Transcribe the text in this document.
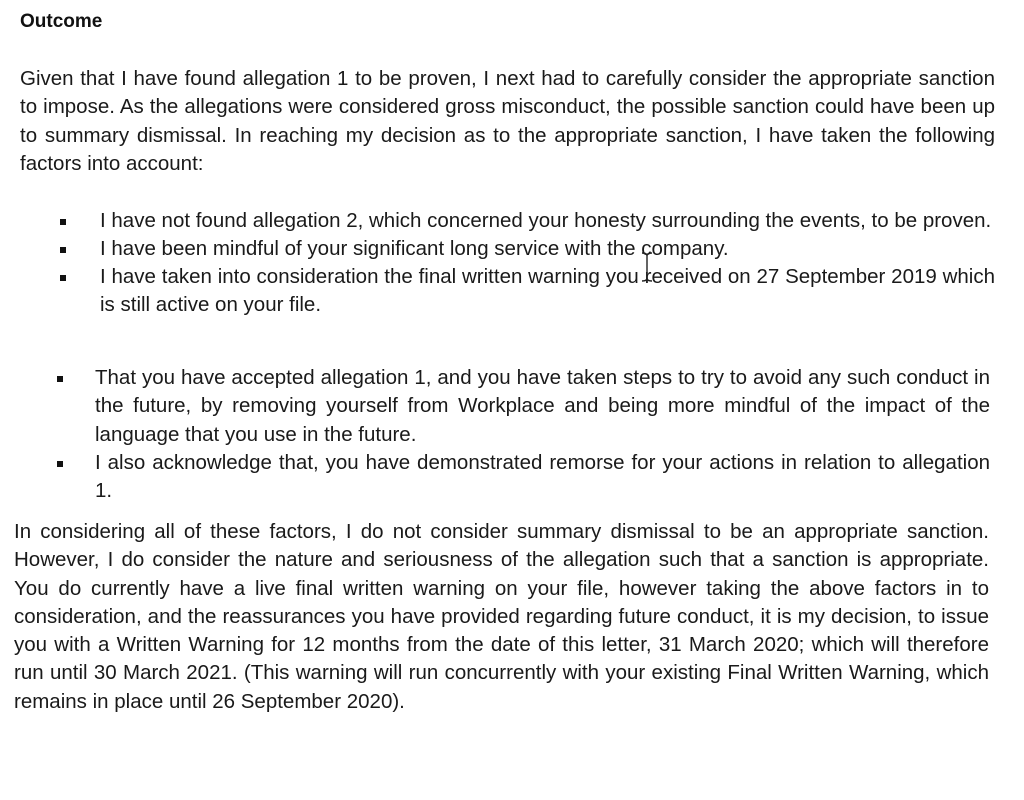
Outcome
Given that I have found allegation 1 to be proven, I next had to carefully consider the appropriate sanction to impose. As the allegations were considered gross misconduct, the possible sanction could have been up to summary dismissal. In reaching my decision as to the appropriate sanction, I have taken the following factors into account:
I have not found allegation 2, which concerned your honesty surrounding the events, to be proven.
I have been mindful of your significant long service with the company.
I have taken into consideration the final written warning you received on 27 September 2019 which is still active on your file.
That you have accepted allegation 1, and you have taken steps to try to avoid any such conduct in the future, by removing yourself from Workplace and being more mindful of the impact of the language that you use in the future.
I also acknowledge that, you have demonstrated remorse for your actions in relation to allegation 1.
In considering all of these factors, I do not consider summary dismissal to be an appropriate sanction. However, I do consider the nature and seriousness of the allegation such that a sanction is appropriate. You do currently have a live final written warning on your file, however taking the above factors in to consideration, and the reassurances you have provided regarding future conduct, it is my decision, to issue you with a Written Warning for 12 months from the date of this letter, 31 March 2020; which will therefore run until 30 March 2021. (This warning will run concurrently with your existing Final Written Warning, which remains in place until 26 September 2020).
